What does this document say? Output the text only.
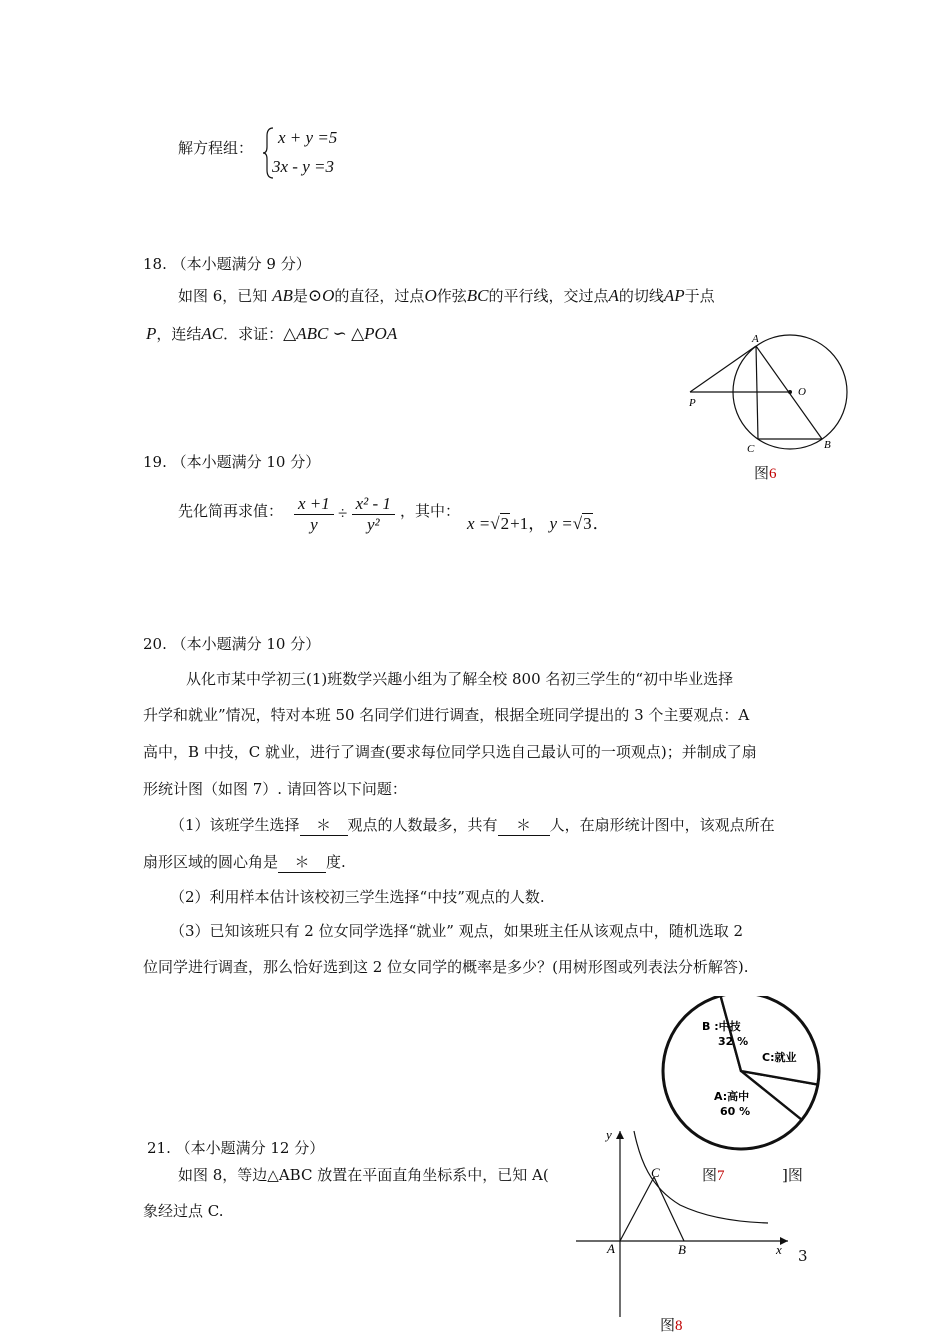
解方程组：
x + y =5
3x - y =3
18. （本小题满分 9 分）
如图 6，已知 AB是⊙O的直径，过点O作弦BC的平行线，交过点A的切线AP于点
P，连结AC．求证：△ABC ∽ △POA	A
O
P
C	B
图6
19. （本小题满分 10 分）
先化简再求值： $\frac{x +1}{y} \div \frac{\text{x² - 1}}{\text{y²}}$ ，其中：
x =√2+1， y =√3．
20. （本小题满分 10 分）
从化市某中学初三(1)班数学兴趣小组为了解全校 800 名初三学生的“初中毕业选择
升学和就业”情况，特对本班 50 名同学们进行调查，根据全班同学提出的 3 个主要观点：A
高中，B 中技，C 就业，进行了调查(要求每位同学只选自己最认可的一项观点)；并制成了扇
形统计图（如图 7）. 请回答以下问题：
（1）该班学生选择 ＊ 观点的人数最多，共有 ＊ 人，在扇形统计图中，该观点所在
扇形区域的圆心角是 ＊ 度.
（2）利用样本估计该校初三学生选择“中技”观点的人数.
（3）已知该班只有 2 位女同学选择“就业” 观点，如果班主任从该观点中，随机选取 2
位同学进行调查，那么恰好选到这 2 位女同学的概率是多少？(用树形图或列表法分析解答).
B :中技
32 %
C:就业
A:高中
60 %
图7
21. （本小题满分 12 分）
如图 8，等边△ABC 放置在平面直角坐标系中，已知 A(	]图
象经过点 C.
y
x
A	B
C
图8
3
